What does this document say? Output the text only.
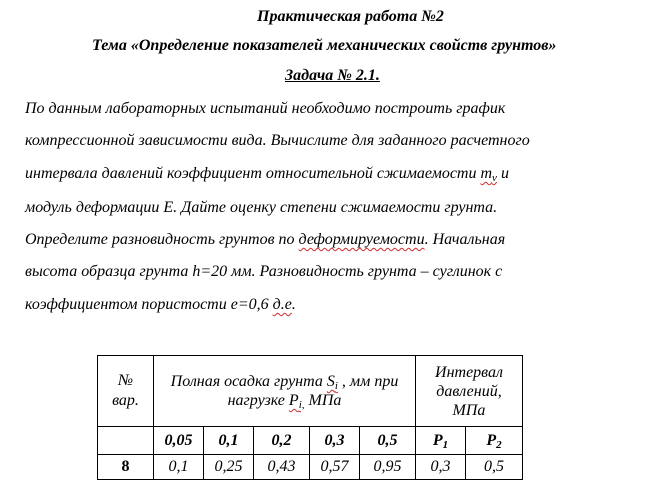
Практическая работа №2
Тема «Определение показателей механических свойств грунтов»
Задача № 2.1.
По данным лабораторных испытаний необходимо построить график
компрессионной зависимости вида. Вычислите для заданного расчетного
интервала давлений коэффициент относительной сжимаемости $m_v$ и
модуль деформации Е. Дайте оценку степени сжимаемости грунта.
Определите разновидность грунтов по деформируемости. Начальная
высота образца грунта h=20 мм. Разновидность грунта – суглинок с
коэффициентом пористости е=0,6 д.е.
№ вар.	Полная осадка грунта $S_i$ , мм при нагрузке $P_{i,}$ МПа					Интервал давлений, МПа	
	0,05	0,1	0,2	0,3	0,5	$P_1$	$P_2$
8	0,1	0,25	0,43	0,57	0,95	0,3	0,5
